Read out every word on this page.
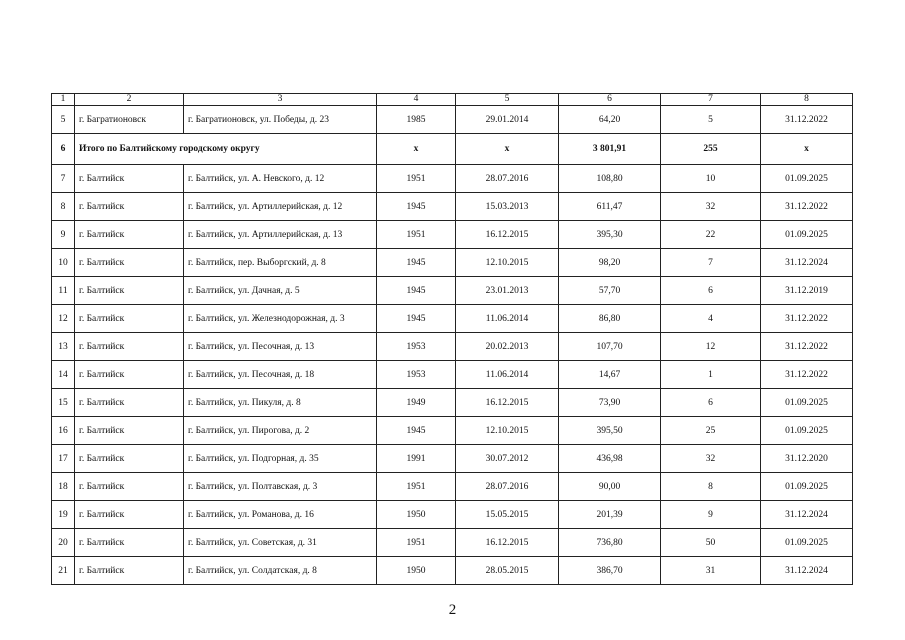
1	2	3	4	5	6	7	8
5	г. Багратионовск	г. Багратионовск, ул. Победы, д. 23	1985	29.01.2014	64,20	5	31.12.2022
6	Итого по Балтийскому городскому округу		х	х	3 801,91	255	х
7	г. Балтийск	г. Балтийск, ул. А. Невского, д. 12	1951	28.07.2016	108,80	10	01.09.2025
8	г. Балтийск	г. Балтийск, ул. Артиллерийская, д. 12	1945	15.03.2013	611,47	32	31.12.2022
9	г. Балтийск	г. Балтийск, ул. Артиллерийская, д. 13	1951	16.12.2015	395,30	22	01.09.2025
10	г. Балтийск	г. Балтийск, пер. Выборгский, д. 8	1945	12.10.2015	98,20	7	31.12.2024
11	г. Балтийск	г. Балтийск, ул. Дачная, д. 5	1945	23.01.2013	57,70	6	31.12.2019
12	г. Балтийск	г. Балтийск, ул. Железнодорожная, д. 3	1945	11.06.2014	86,80	4	31.12.2022
13	г. Балтийск	г. Балтийск, ул. Песочная, д. 13	1953	20.02.2013	107,70	12	31.12.2022
14	г. Балтийск	г. Балтийск, ул. Песочная, д. 18	1953	11.06.2014	14,67	1	31.12.2022
15	г. Балтийск	г. Балтийск, ул. Пикуля, д. 8	1949	16.12.2015	73,90	6	01.09.2025
16	г. Балтийск	г. Балтийск, ул. Пирогова, д. 2	1945	12.10.2015	395,50	25	01.09.2025
17	г. Балтийск	г. Балтийск, ул. Подгорная, д. 35	1991	30.07.2012	436,98	32	31.12.2020
18	г. Балтийск	г. Балтийск, ул. Полтавская, д. 3	1951	28.07.2016	90,00	8	01.09.2025
19	г. Балтийск	г. Балтийск, ул. Романова, д. 16	1950	15.05.2015	201,39	9	31.12.2024
20	г. Балтийск	г. Балтийск, ул. Советская, д. 31	1951	16.12.2015	736,80	50	01.09.2025
21	г. Балтийск	г. Балтийск, ул. Солдатская, д. 8	1950	28.05.2015	386,70	31	31.12.2024
2
